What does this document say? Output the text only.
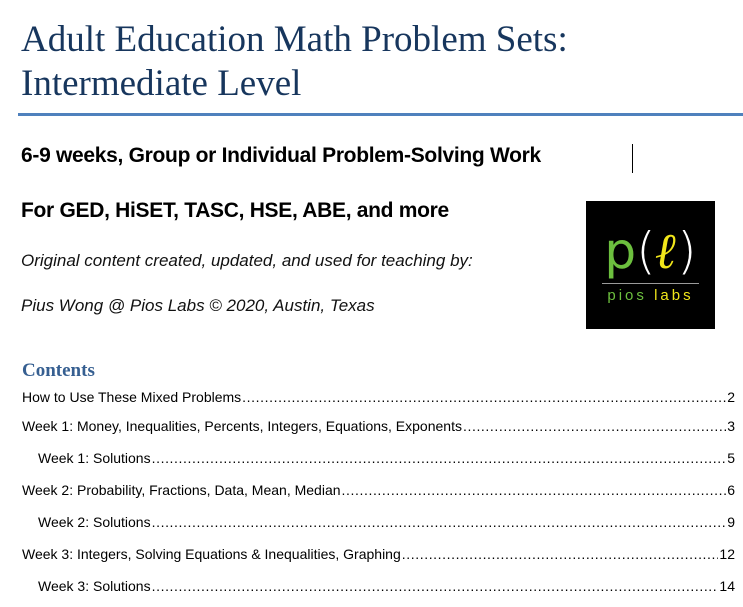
Adult Education Math Problem Sets:
Intermediate Level
6-9 weeks, Group or Individual Problem-Solving Work
For GED, HiSET, TASC, HSE, ABE, and more
Original content created, updated, and used for teaching by:
Pius Wong @ Pios Labs © 2020, Austin, Texas
p(ℓ)
pios labs
Contents
How to Use These Mixed Problems .....	2
Week 1: Money, Inequalities, Percents, Integers, Equations, Exponents .....	3
Week 1: Solutions .....	5
Week 2: Probability, Fractions, Data, Mean, Median .....	6
Week 2: Solutions .....	9
Week 3: Integers, Solving Equations & Inequalities, Graphing .....	12
Week 3: Solutions .....	14
